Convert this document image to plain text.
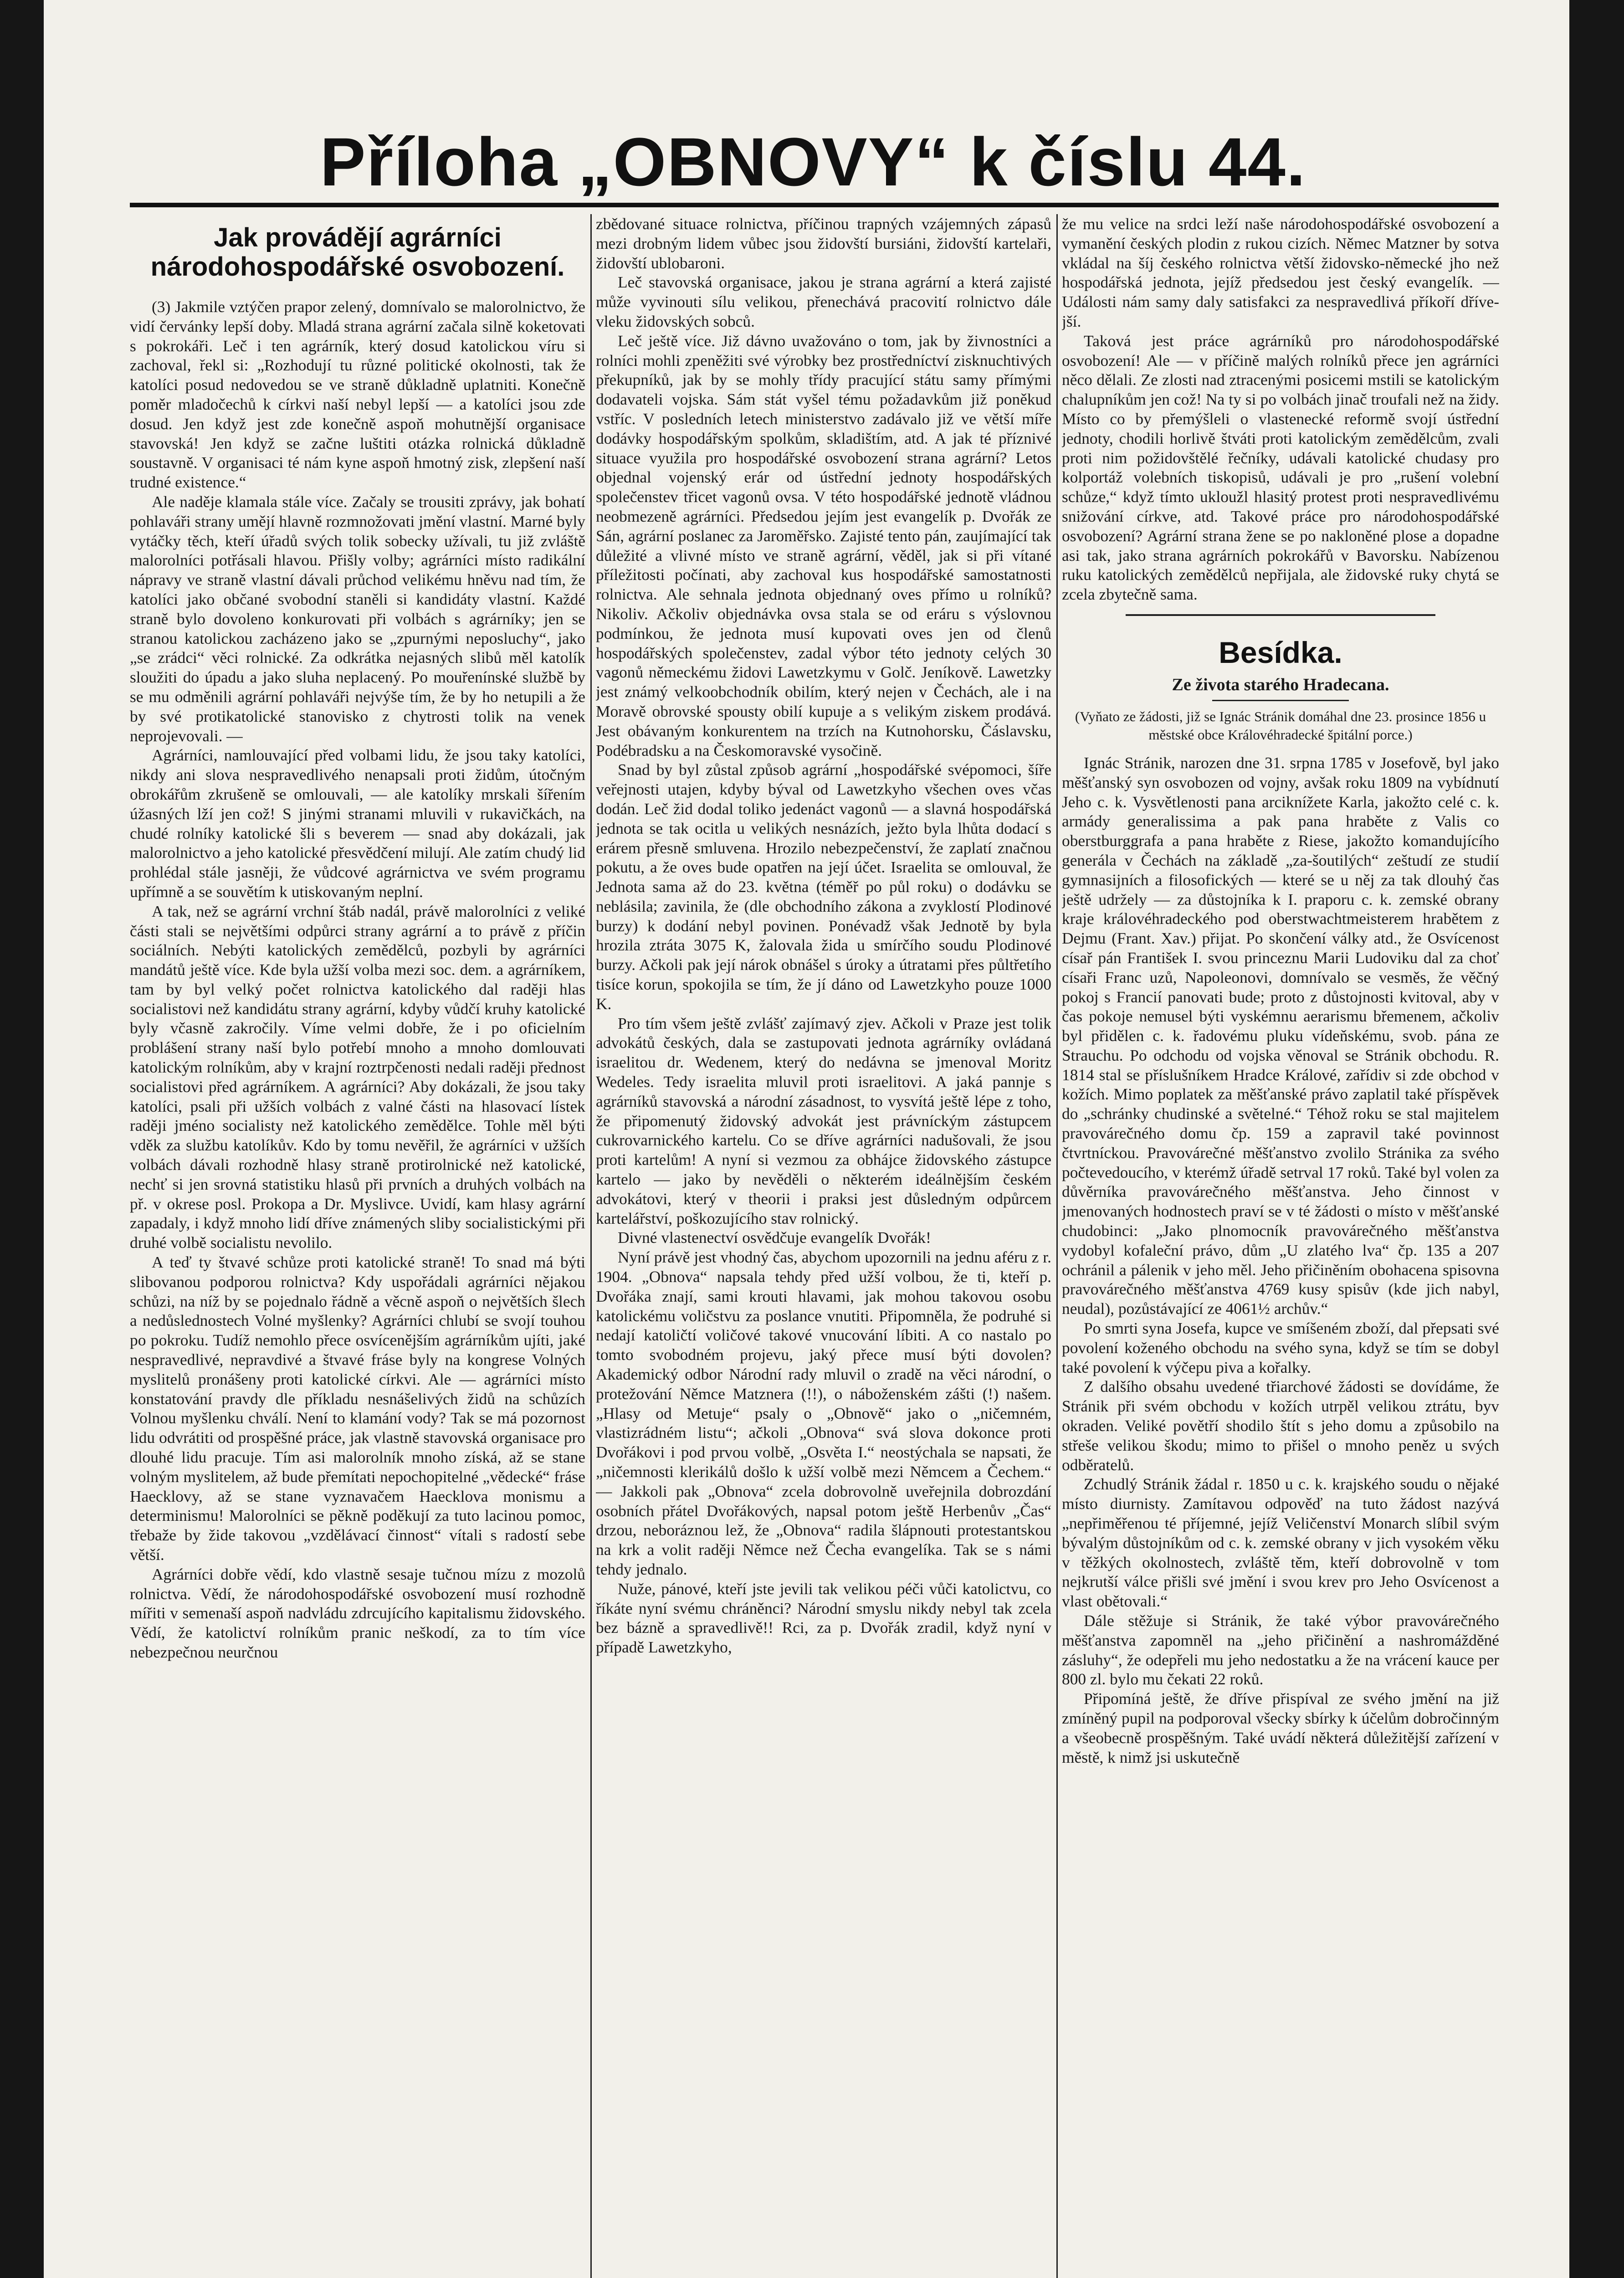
Příloha „OBNOVY“ k číslu 44.
Jak provádějí agrárníci národohospodářské osvobození.

(3) Jakmile vztýčen prapor zelený, domnívalo se malorolnictvo, že vidí červánky lepší doby. Mladá strana agrární začala silně koketovati s pokrokáři. Leč i ten agrárník, který dosud katolickou víru si zachoval, řekl si: „Rozhodují tu různé politické okolnosti, tak že katolíci posud nedovedou se ve straně důkladně uplatniti. Konečně poměr mladočechů k církvi naší nebyl lepší — a katolíci jsou zde dosud. Jen když jest zde konečně aspoň mohutnější organisace stavovská! Jen když se začne luštiti otázka rolnická důkladně soustavně. V organisaci té nám kyne aspoň hmotný zisk, zlepšení naší trudné existence.“

Ale naděje klamala stále více. Začaly se trousiti zprávy, jak bohatí pohlaváři strany umějí hlavně rozmnožovati jmění vlastní. Marné byly vytáčky těch, kteří úřadů svých tolik sobecky užívali, tu již zvláště malorolníci potřásali hlavou. Přišly volby; agrárníci místo radikální nápravy ve straně vlastní dávali průchod velikému hněvu nad tím, že katolíci jako občané svobodní staněli si kandidáty vlastní. Každé straně bylo dovoleno konkurovati při volbách s agrárníky; jen se stranou katolickou zacházeno jako se „zpurnými neposluchy“, jako „se zrádci“ věci rolnické. Za odkrátka nejasných slibů měl katolík sloužiti do úpadu a jako sluha neplacený. Po mouřenínské službě by se mu odměnili agrární pohlaváři nejvýše tím, že by ho netupili a že by své protikatolické stanovisko z chytrosti tolik na venek neprojevovali. —

Agrárníci, namlouvající před volbami lidu, že jsou taky katolíci, nikdy ani slova nespravedlivého nenapsali proti židům, útočným obrokářům zkrušeně se omlouvali, — ale katolíky mrskali šířením úžasných lží jen což! S jinými stranami mluvili v rukavičkách, na chudé rolníky katolické šli s beverem — snad aby dokázali, jak malorolnictvo a jeho katolické přesvědčení milují. Ale zatím chudý lid prohlédal stále jasněji, že vůdcové agrárnictva ve svém programu upřímně a se souvětím k utiskovaným neplní.

A tak, než se agrární vrchní štáb nadál, právě malorolníci z veliké části stali se největšími odpůrci strany agrární a to právě z příčin sociálních. Nebýti katolických zemědělců, pozbyli by agrárníci mandátů ještě více. Kde byla užší volba mezi soc. dem. a agrárníkem, tam by byl velký počet rolnictva katolického dal raději hlas socialistovi než kandidátu strany agrární, kdyby vůdčí kruhy katolické byly včasně zakročily. Víme velmi dobře, že i po oficielním problášení strany naší bylo potřebí mnoho a mnoho domlouvati katolickým rolníkům, aby v krajní roztrpčenosti nedali raději přednost socialistovi před agrárníkem. A agrárníci? Aby dokázali, že jsou taky katolíci, psali při užších volbách z valné části na hlasovací lístek raději jméno socialisty než katolického zemědělce. Tohle měl býti vděk za službu katolíkův. Kdo by tomu nevěřil, že agrárníci v užších volbách dávali rozhodně hlasy straně protirolnické než katolické, nechť si jen srovná statistiku hlasů při prvních a druhých volbách na př. v okrese posl. Prokopa a Dr. Myslivce. Uvidí, kam hlasy agrární zapadaly, i když mnoho lidí dříve známených sliby socialistickými při druhé volbě socialistu nevolilo.

A teď ty štvavé schůze proti katolické straně! To snad má býti slibovanou podporou rolnictva? Kdy uspořádali agrárníci nějakou schůzi, na níž by se pojednalo řádně a věcně aspoň o největších šlech a nedůslednostech Volné myšlenky? Agrárníci chlubí se svojí touhou po pokroku. Tudíž nemohlo přece osvícenějším agrárníkům ujíti, jaké nespravedlivé, nepravdivé a štvavé fráse byly na kongrese Volných myslitelů pronášeny proti katolické církvi. Ale — agrárníci místo konstatování pravdy dle příkladu nesnášelivých židů na schůzích Volnou myšlenku chválí. Není to klamání vody? Tak se má pozornost lidu odvrátiti od prospěšné práce, jak vlastně stavovská organisace pro dlouhé lidu pracuje. Tím asi malorolník mnoho získá, až se stane volným myslitelem, až bude přemítati nepochopitelné „vědecké“ fráse Haecklovy, až se stane vyznavačem Haecklova monismu a determinismu! Malorolníci se pěkně poděkují za tuto lacinou pomoc, třebaže by žide takovou „vzdělávací činnost“ vítali s radostí sebe větší.

Agrárníci dobře vědí, kdo vlastně sesaje tučnou mízu z mozolů rolnictva. Vědí, že národohospodářské osvobození musí rozhodně mířiti v semenaší aspoň nadvládu zdrcujícího kapitalismu židovského. Vědí, že katolictví rolníkům pranic neškodí, za to tím více nebezpečnou neurčnou

zbědované situace rolnictva, příčinou trapných vzájemných zápasů mezi drobným lidem vůbec jsou židovští bursiáni, židovští kartelaři, židovští ublobaroni.

Leč stavovská organisace, jakou je strana agrární a která zajisté může vyvinouti sílu velikou, přenechává pracovití rolnictvo dále vleku židovských sobců.

Leč ještě více. Již dávno uvažováno o tom, jak by živnostníci a rolníci mohli zpeněžiti své výrobky bez prostředníctví zisknuchtivých překupníků, jak by se mohly třídy pracující státu samy přímými dodavateli vojska. Sám stát vyšel tému požadavkům již poněkud vstříc. V posledních letech ministerstvo zadávalo již ve větší míře dodávky hospodářským spolkům, skladištím, atd. A jak té příznivé situace využila pro hospodářské osvobození strana agrární? Letos objednal vojenský erár od ústřední jednoty hospodářských společenstev třicet vagonů ovsa. V této hospodářské jednotě vládnou neobmezeně agrárníci. Předsedou jejím jest evangelík p. Dvořák ze Sán, agrární poslanec za Jaroměřsko. Zajisté tento pán, zaujímající tak důležité a vlivné místo ve straně agrární, věděl, jak si při vítané příležitosti počínati, aby zachoval kus hospodářské samostatnosti rolnictva. Ale sehnala jednota objednaný oves přímo u rolníků? Nikoliv. Ačkoliv objednávka ovsa stala se od eráru s výslovnou podmínkou, že jednota musí kupovati oves jen od členů hospodářských společenstev, zadal výbor této jednoty celých 30 vagonů německému židovi Lawetzkymu v Golč. Jeníkově. Lawetzky jest známý velkoobchodník obilím, který nejen v Čechách, ale i na Moravě obrovské spousty obilí kupuje a s velikým ziskem prodává. Jest obávaným konkurentem na trzích na Kutnohorsku, Čáslavsku, Podébradsku a na Českomoravské vysočině.

Snad by byl zůstal způsob agrární „hospodářské svépomoci, šíře veřejnosti utajen, kdyby býval od Lawetzkyho všechen oves včas dodán. Leč žid dodal toliko jedenáct vagonů — a slavná hospodářská jednota se tak ocitla u velikých nesnázích, ježto byla lhůta dodací s erárem přesně smluvena. Hrozilo nebezpečenství, že zaplatí značnou pokutu, a že oves bude opatřen na její účet. Israelita se omlouval, že Jednota sama až do 23. května (téměř po půl roku) o dodávku se neblásila; zavinila, že (dle obchodního zákona a zvyklostí Plodinové burzy) k dodání nebyl povinen. Ponévadž však Jednotě by byla hrozila ztráta 3075 K, žalovala žida u smírčího soudu Plodinové burzy. Ačkoli pak její nárok obnášel s úroky a útratami přes půltřetího tisíce korun, spokojila se tím, že jí dáno od Lawetzkyho pouze 1000 K.

Pro tím všem ještě zvlášť zajímavý zjev. Ačkoli v Praze jest tolik advokátů českých, dala se zastupovati jednota agrárníky ovládaná israelitou dr. Wedenem, který do nedávna se jmenoval Moritz Wedeles. Tedy israelita mluvil proti israelitovi. A jaká pannje s agrárníků stavovská a národní zásadnost, to vysvítá ještě lépe z toho, že připomenutý židovský advokát jest právníckým zástupcem cukrovarnického kartelu. Co se dříve agrárníci nadušovali, že jsou proti kartelům! A nyní si vezmou za obhájce židovského zástupce kartelo — jako by nevěděli o některém ideálnějším českém advokátovi, který v theorii i praksi jest důsledným odpůrcem kartelářství, poškozujícího stav rolnický.

Divné vlastenectví osvědčuje evangelík Dvořák!

Nyní právě jest vhodný čas, abychom upozornili na jednu aféru z r. 1904. „Obnova“ napsala tehdy před užší volbou, že ti, kteří p. Dvořáka znají, sami krouti hlavami, jak mohou takovou osobu katolickému voličstvu za poslance vnutiti. Připomněla, že podruhé si nedají katoličtí voličové takové vnucování líbiti. A co nastalo po tomto svobodném projevu, jaký přece musí býti dovolen? Akademický odbor Národní rady mluvil o zradě na věci národní, o protežování Němce Matznera (!!), o náboženském zášti (!) našem. „Hlasy od Metuje“ psaly o „Obnově“ jako o „ničemném, vlastizrádném listu“; ačkoli „Obnova“ svá slova dokonce proti Dvořákovi i pod prvou volbě, „Osvěta I.“ neostýchala se napsati, že „ničemnosti klerikálů došlo k užší volbě mezi Němcem a Čechem.“ — Jakkoli pak „Obnova“ zcela dobrovolně uveřejnila dobrozdání osobních přátel Dvořákových, napsal potom ještě Herbenův „Čas“ drzou, neboráznou lež, že „Obnova“ radila šlápnouti protestantskou na krk a volit raději Němce než Čecha evangelíka. Tak se s námi tehdy jednalo.

Nuže, pánové, kteří jste jevili tak velikou péči vůči katolictvu, co říkáte nyní svému chráněnci? Národní smyslu nikdy nebyl tak zcela bez bázně a spravedlivě!! Rci, za p. Dvořák zradil, když nyní v případě Lawetzkyho,

že mu velice na srdci leží naše národohospodářské osvobození a vymanění českých plodin z rukou cizích. Němec Matzner by sotva vkládal na šíj českého rolnictva větší židovsko-německé jho než hospodářská jednota, jejíž předsedou jest český evangelík. — Události nám samy daly satisfakci za nespravedlivá příkoří dříve-jší.

Taková jest práce agrárníků pro národohospodářské osvobození! Ale — v příčině malých rolníků přece jen agrárníci něco dělali. Ze zlosti nad ztracenými posicemi mstili se katolickým chalupníkům jen což! Na ty si po volbách jinač troufali než na židy. Místo co by přemýšleli o vlastenecké reformě svojí ústřední jednoty, chodili horlivě štváti proti katolickým zemědělcům, zvali proti nim požidovštělé řečníky, udávali katolické chudasy pro kolportáž volebních tiskopisů, udávali je pro „rušení volební schůze,“ když tímto ukloužl hlasitý protest proti nespravedlivému snižování církve, atd. Takové práce pro národohospodářské osvobození? Agrární strana žene se po nakloněné plose a dopadne asi tak, jako strana agrárních pokrokářů v Bavorsku. Nabízenou ruku katolických zemědělců nepřijala, ale židovské ruky chytá se zcela zbytečně sama.

Besídka.
Ze života starého Hradecana.
(Vyňato ze žádosti, již se Ignác Stránik domáhal dne 23. prosince 1856 u městské obce Královéhradecké špitální porce.)

Ignác Stránik, narozen dne 31. srpna 1785 v Josefově, byl jako měšťanský syn osvobozen od vojny, avšak roku 1809 na vybídnutí Jeho c. k. Vysvětlenosti pana arciknížete Karla, jakožto celé c. k. armády generalissima a pak pana hraběte z Valis co oberstburggrafa a pana hraběte z Riese, jakožto komandujícího generála v Čechách na základě „za-šoutilých“ zeštudí ze studií gymnasijních a filosofických — které se u něj za tak dlouhý čas ještě udržely — za důstojníka k I. praporu c. k. zemské obrany kraje královéhradeckého pod oberstwachtmeisterem hrabětem z Dejmu (Frant. Xav.) přijat. Po skončení války atd., že Osvícenost císař pán František I. svou princeznu Marii Ludoviku dal za choť císaři Franc uzů, Napoleonovi, domnívalo se vesměs, že věčný pokoj s Francií panovati bude; proto z důstojnosti kvitoval, aby v čas pokoje nemusel býti vyskémnu aerarismu břemenem, ačkoliv byl přidělen c. k. řadovému pluku vídeňskému, svob. pána ze Strauchu. Po odchodu od vojska věnoval se Stránik obchodu. R. 1814 stal se příslušníkem Hradce Králové, zařídiv si zde obchod v kožích. Mimo poplatek za měšťanské právo zaplatil také příspěvek do „schránky chudinské a světelné.“ Téhož roku se stal majitelem pravovárečného domu čp. 159 a zapravil také povinnost čtvrtníckou. Pravovárečné měšťanstvo zvolilo Stránika za svého počtevedoucího, v kterémž úřadě setrval 17 roků. Také byl volen za důvěrníka pravovárečného měšťanstva. Jeho činnost v jmenovaných hodnostech praví se v té žádosti o místo v měšťanské chudobinci: „Jako plnomocník pravovárečného měšťanstva vydobyl kofaleční právo, dům „U zlatého lva“ čp. 135 a 207 ochránil a pálenik v jeho měl. Jeho přičiněním obohacena spisovna pravovárečného měšťanstva 4769 kusy spisův (kde jich nabyl, neudal), pozůstávající ze 4061½ archův.“

Po smrti syna Josefa, kupce ve smíšeném zboží, dal přepsati své povolení koženého obchodu na svého syna, když se tím se dobyl také povolení k výčepu piva a kořalky.

Z dalšího obsahu uvedené třiarchové žádosti se dovídáme, že Stránik při svém obchodu v kožích utrpěl velikou ztrátu, byv okraden. Veliké povětří shodilo štít s jeho domu a způsobilo na střeše velikou škodu; mimo to přišel o mnoho peněz u svých odběratelů.

Zchudlý Stránik žádal r. 1850 u c. k. krajského soudu o nějaké místo diurnisty. Zamítavou odpověď na tuto žádost nazývá „nepřiměřenou té příjemné, jejíž Veličenství Monarch slíbil svým bývalým důstojníkům od c. k. zemské obrany v jich vysokém věku v těžkých okolnostech, zvláště těm, kteří dobrovolně v tom nejkrutší válce přišli své jmění i svou krev pro Jeho Osvícenost a vlast obětovali.“

Dále stěžuje si Stránik, že také výbor pravovárečného měšťanstva zapomněl na „jeho přičinění a nashromážděné zásluhy“, že odepřeli mu jeho nedostatku a že na vrácení kauce per 800 zl. bylo mu čekati 22 roků.

Připomíná ještě, že dříve přispíval ze svého jmění na již zmíněný pupil na podporoval všecky sbírky k účelům dobročinným a všeobecně prospěšným. Také uvádí některá důležitější zařízení v městě, k nimž jsi uskutečně
